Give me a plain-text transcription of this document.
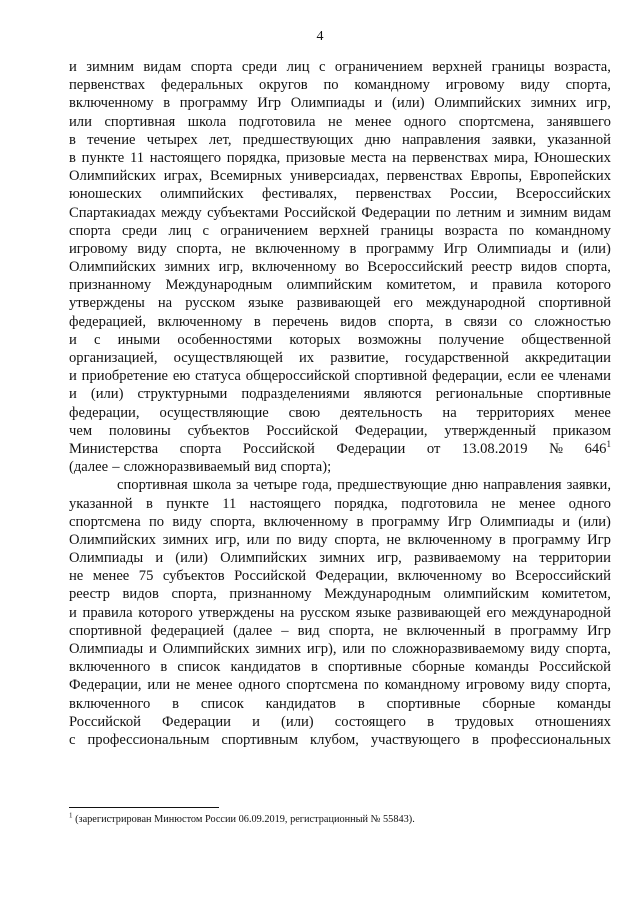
4
и зимним видам спорта среди лиц с ограничением верхней границы возраста,
первенствах федеральных округов по командному игровому виду спорта,
включенному в программу Игр Олимпиады и (или) Олимпийских зимних игр,
или спортивная школа подготовила не менее одного спортсмена, занявшего
в течение четырех лет, предшествующих дню направления заявки, указанной
в пункте 11 настоящего порядка, призовые места на первенствах мира, Юношеских
Олимпийских играх, Всемирных универсиадах, первенствах Европы, Европейских
юношеских олимпийских фестивалях, первенствах России, Всероссийских
Спартакиадах между субъектами Российской Федерации по летним и зимним видам
спорта среди лиц с ограничением верхней границы возраста по командному
игровому виду спорта, не включенному в программу Игр Олимпиады и (или)
Олимпийских зимних игр, включенному во Всероссийский реестр видов спорта,
признанному Международным олимпийским комитетом, и правила которого
утверждены на русском языке развивающей его международной спортивной
федерацией, включенному в перечень видов спорта, в связи со сложностью
и с иными особенностями которых возможны получение общественной
организацией, осуществляющей их развитие, государственной аккредитации
и приобретение ею статуса общероссийской спортивной федерации, если ее членами
и (или) структурными подразделениями являются региональные спортивные
федерации, осуществляющие свою деятельность на территориях менее
чем половины субъектов Российской Федерации, утвержденный приказом
Министерства спорта Российской Федерации от 13.08.2019 № $646^1$
(далее – сложноразвиваемый вид спорта);
спортивная школа за четыре года, предшествующие дню направления заявки,
указанной в пункте 11 настоящего порядка, подготовила не менее одного
спортсмена по виду спорта, включенному в программу Игр Олимпиады и (или)
Олимпийских зимних игр, или по виду спорта, не включенному в программу Игр
Олимпиады и (или) Олимпийских зимних игр, развиваемому на территории
не менее 75 субъектов Российской Федерации, включенному во Всероссийский
реестр видов спорта, признанному Международным олимпийским комитетом,
и правила которого утверждены на русском языке развивающей его международной
спортивной федерацией (далее – вид спорта, не включенный в программу Игр
Олимпиады и Олимпийских зимних игр), или по сложноразвиваемому виду спорта,
включенного в список кандидатов в спортивные сборные команды Российской
Федерации, или не менее одного спортсмена по командному игровому виду спорта,
включенного в список кандидатов в спортивные сборные команды
Российской Федерации и (или) состоящего в трудовых отношениях
с профессиональным спортивным клубом, участвующего в профессиональных
$^1$ (зарегистрирован Минюстом России 06.09.2019, регистрационный № 55843).
